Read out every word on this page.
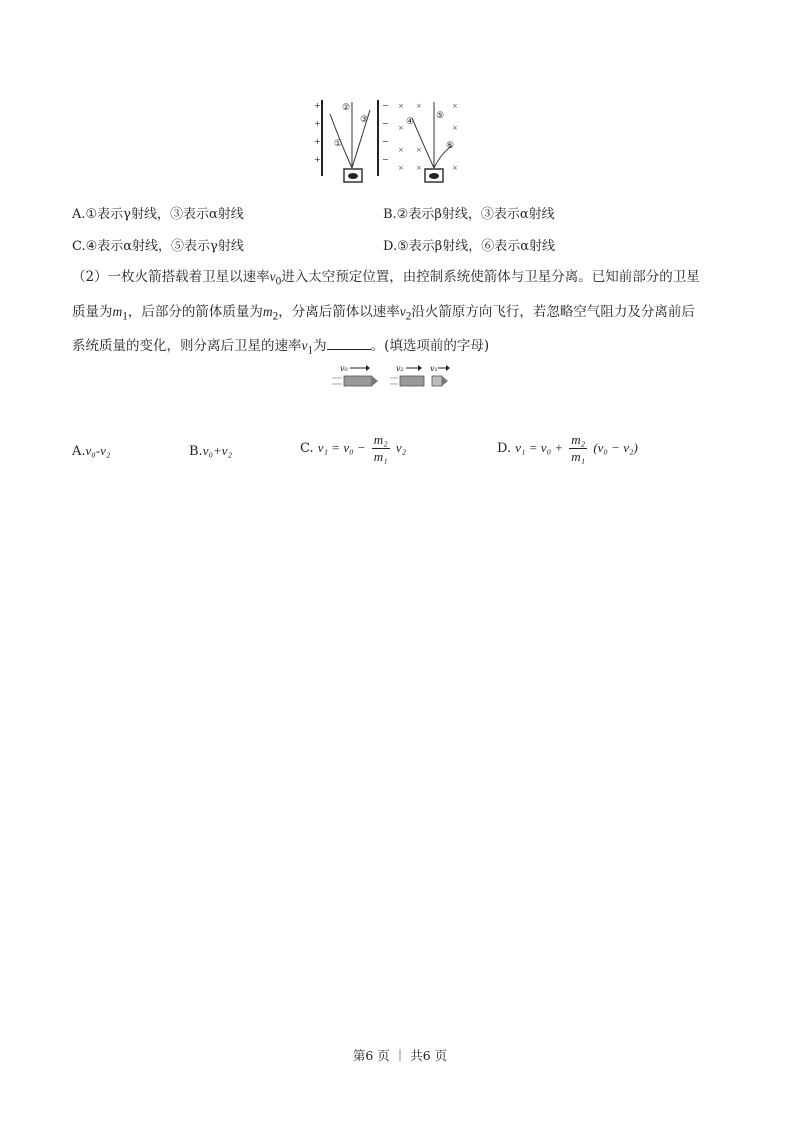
+
+
+
+
−
−
−
−
①
②
③
× ×	×
×	×
× ×
× ×	×
④
⑤
⑥
A.①表示γ射线，③表示α射线	B.②表示β射线，③表示α射线
C.④表示α射线，⑤表示γ射线	D.⑤表示β射线，⑥表示α射线
（2）一枚火箭搭载着卫星以速率$v_0$进入太空预定位置，由控制系统使箭体与卫星分离。已知前部分的卫星
质量为$m_1$，后部分的箭体质量为$m_2$，分离后箭体以速率$v_2$沿火箭原方向飞行，若忽略空气阻力及分离前后
系统质量的变化，则分离后卫星的速率$v_1$为	。(填选项前的字母)
v₀	v₂	v₁
A.v₀-v₂	B.v₀+v₂	C. $v_1 = v_0 - \frac{\text{m₂}}{\text{m₁}} v_2$	D. $v_1 = v_0 + \frac{\text{m₂}}{\text{m₁}} (v_0 - v_2)$
第6 页 ｜ 共6 页
